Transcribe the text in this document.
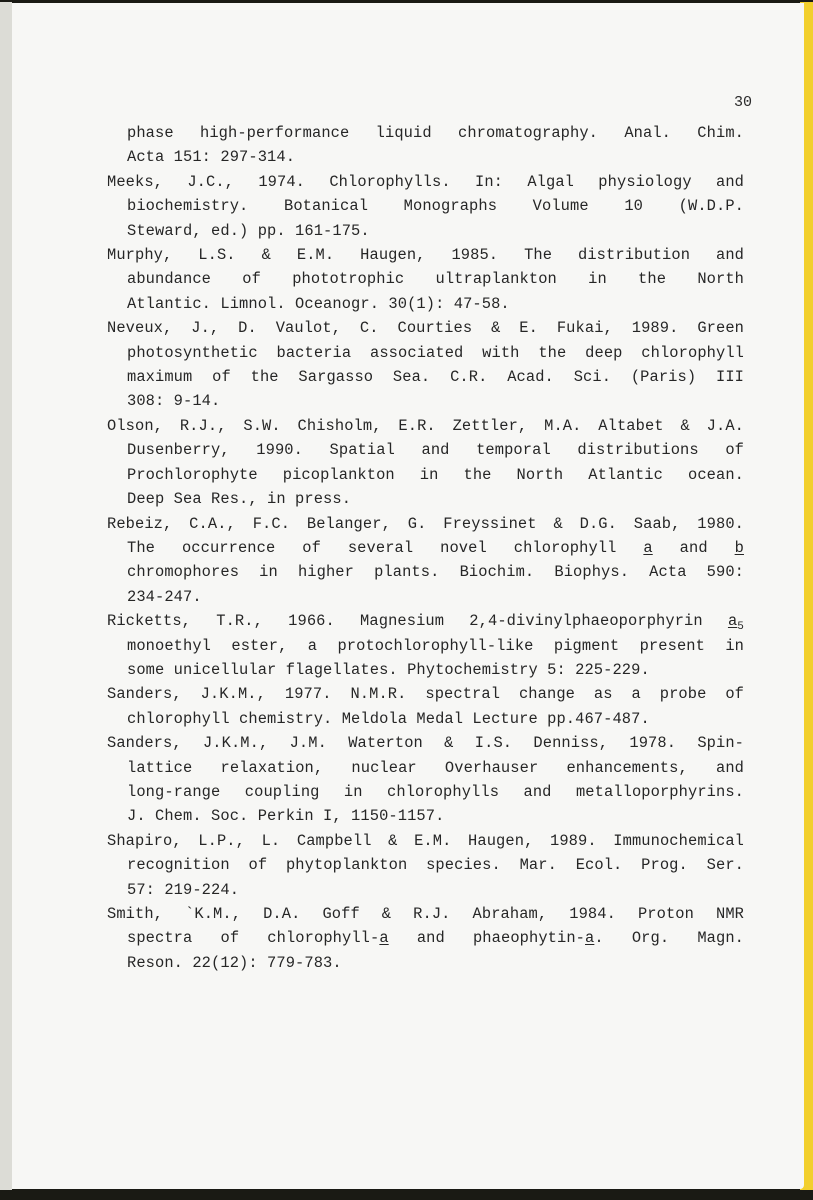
30
phase high-performance liquid chromatography. Anal. Chim.
Acta 151: 297-314.
Meeks, J.C., 1974. Chlorophylls. In: Algal physiology and
biochemistry. Botanical Monographs Volume 10 (W.D.P.
Steward, ed.) pp. 161-175.
Murphy, L.S. & E.M. Haugen, 1985. The distribution and
abundance of phototrophic ultraplankton in the North
Atlantic. Limnol. Oceanogr. 30(1): 47-58.
Neveux, J., D. Vaulot, C. Courties & E. Fukai, 1989. Green
photosynthetic bacteria associated with the deep chlorophyll
maximum of the Sargasso Sea. C.R. Acad. Sci. (Paris) III
308: 9-14.
Olson, R.J., S.W. Chisholm, E.R. Zettler, M.A. Altabet & J.A.
Dusenberry, 1990. Spatial and temporal distributions of
Prochlorophyte picoplankton in the North Atlantic ocean.
Deep Sea Res., in press.
Rebeiz, C.A., F.C. Belanger, G. Freyssinet & D.G. Saab, 1980.
The occurrence of several novel chlorophyll a and b
chromophores in higher plants. Biochim. Biophys. Acta 590:
234-247.
Ricketts, T.R., 1966. Magnesium 2,4-divinylphaeoporphyrin $a_5$
monoethyl ester, a protochlorophyll-like pigment present in
some unicellular flagellates. Phytochemistry 5: 225-229.
Sanders, J.K.M., 1977. N.M.R. spectral change as a probe of
chlorophyll chemistry. Meldola Medal Lecture pp.467-487.
Sanders, J.K.M., J.M. Waterton & I.S. Denniss, 1978. Spin-
lattice relaxation, nuclear Overhauser enhancements, and
long-range coupling in chlorophylls and metalloporphyrins.
J. Chem. Soc. Perkin I, 1150-1157.
Shapiro, L.P., L. Campbell & E.M. Haugen, 1989. Immunochemical
recognition of phytoplankton species. Mar. Ecol. Prog. Ser.
57: 219-224.
Smith, `K.M., D.A. Goff & R.J. Abraham, 1984. Proton NMR
spectra of chlorophyll-a and phaeophytin-a. Org. Magn.
Reson. 22(12): 779-783.
